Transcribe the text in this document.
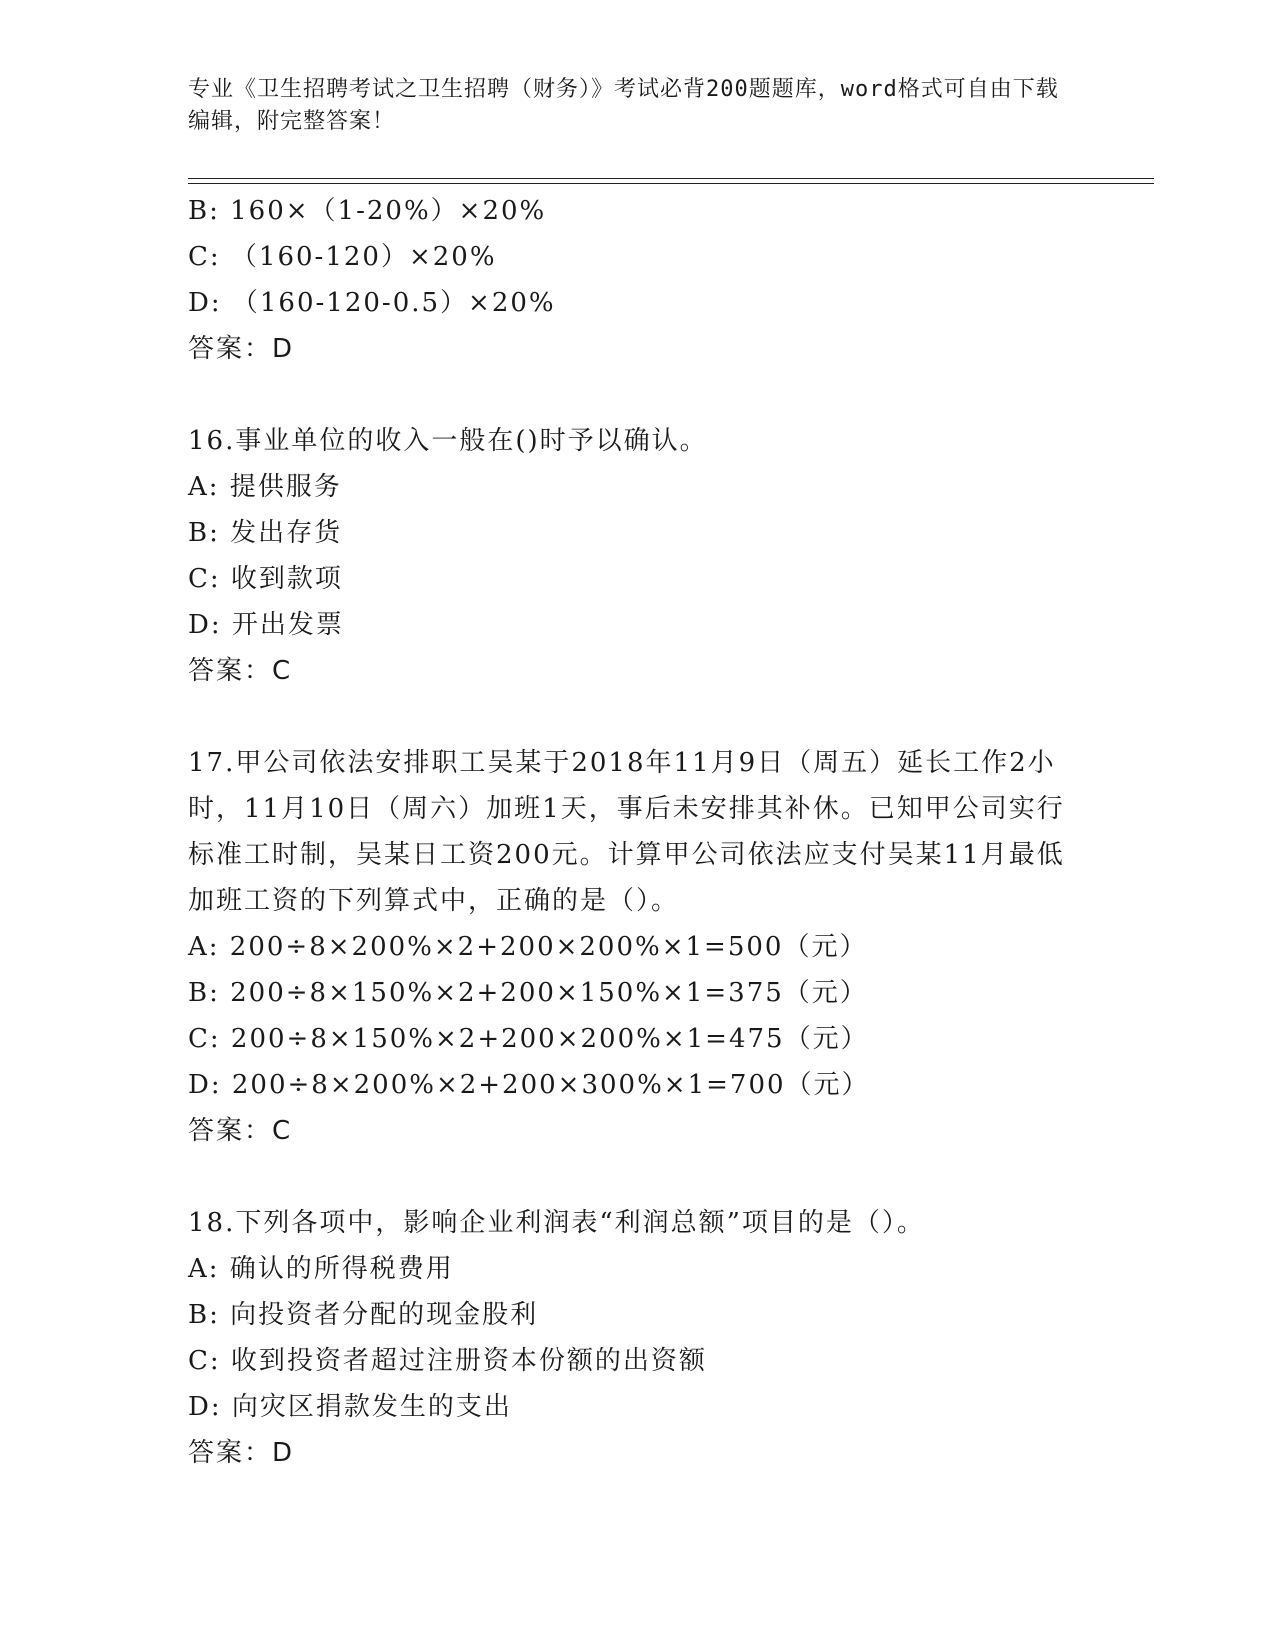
专业《卫生招聘考试之卫生招聘（财务）》考试必背200题题库，word格式可自由下载编辑，附完整答案！
B: 160×（1-20%）×20%
C: （160-120）×20%
D: （160-120-0.5）×20%
答案：D
16.事业单位的收入一般在()时予以确认。
A: 提供服务
B: 发出存货
C: 收到款项
D: 开出发票
答案：C
17.甲公司依法安排职工吴某于2018年11月9日（周五）延长工作2小时，11月10日（周六）加班1天，事后未安排其补休。已知甲公司实行标准工时制，吴某日工资200元。计算甲公司依法应支付吴某11月最低加班工资的下列算式中，正确的是（）。
A: 200÷8×200%×2+200×200%×1=500（元）
B: 200÷8×150%×2+200×150%×1=375（元）
C: 200÷8×150%×2+200×200%×1=475（元）
D: 200÷8×200%×2+200×300%×1=700（元）
答案：C
18.下列各项中，影响企业利润表“利润总额”项目的是（）。
A: 确认的所得税费用
B: 向投资者分配的现金股利
C: 收到投资者超过注册资本份额的出资额
D: 向灾区捐款发生的支出
答案：D
